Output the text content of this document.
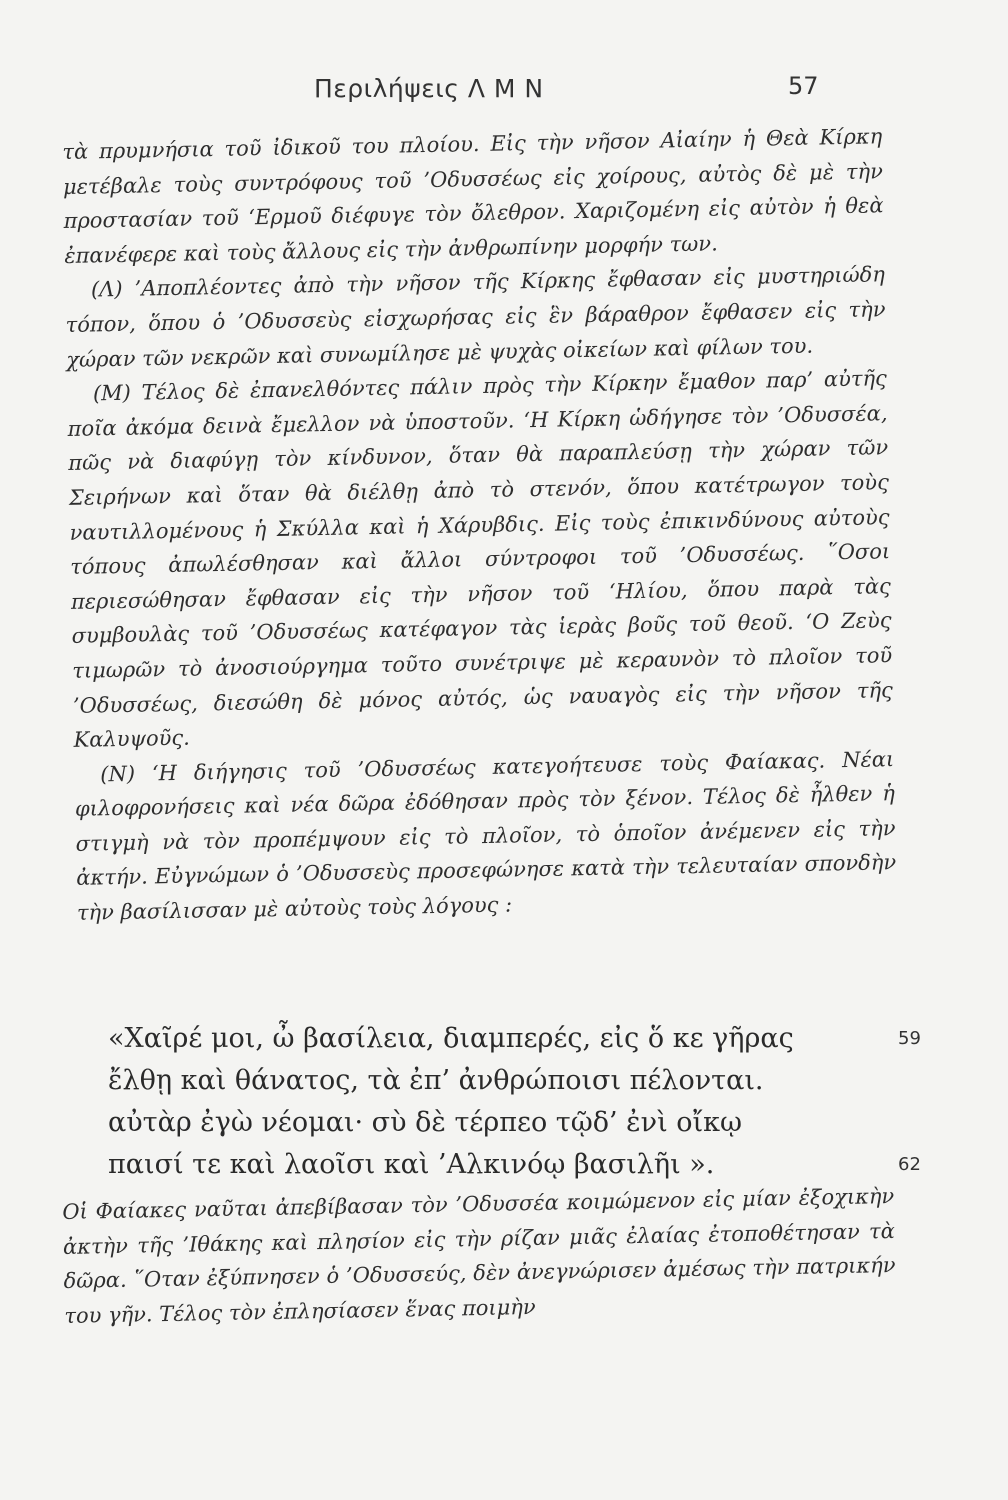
Περιλήψεις Λ Μ Ν	57

τὰ πρυμνήσια τοῦ ἰδικοῦ του πλοίου. Εἰς τὴν νῆσον Αἰαίην ἡ Θεὰ Κίρκη μετέβαλε τοὺς συντρόφους τοῦ ’Οδυσσέως εἰς χοίρους, αὐτὸς δὲ μὲ τὴν προστασίαν τοῦ ‘Ερμοῦ διέφυγε τὸν ὄλεθρον. Χαριζομένη εἰς αὐτὸν ἡ θεὰ ἐπανέφερε καὶ τοὺς ἄλλους εἰς τὴν ἀνθρωπίνην μορφήν των.
(Λ) ’Αποπλέοντες ἀπὸ τὴν νῆσον τῆς Κίρκης ἔφθασαν εἰς μυστηριώδη τόπον, ὅπου ὁ ’Οδυσσεὺς εἰσχωρήσας εἰς ἓν βάραθρον ἔφθασεν εἰς τὴν χώραν τῶν νεκρῶν καὶ συνωμίλησε μὲ ψυχὰς οἰκείων καὶ φίλων του.
(Μ) Τέλος δὲ ἐπανελθόντες πάλιν πρὸς τὴν Κίρκην ἔμαθον παρ’ αὐτῆς ποῖα ἀκόμα δεινὰ ἔμελλον νὰ ὑποστοῦν. ‘Η Κίρκη ὡδήγησε τὸν ’Οδυσσέα, πῶς νὰ διαφύγῃ τὸν κίνδυνον, ὅταν θὰ παραπλεύσῃ τὴν χώραν τῶν Σειρήνων καὶ ὅταν θὰ διέλθῃ ἀπὸ τὸ στενόν, ὅπου κατέτρωγον τοὺς ναυτιλλομένους ἡ Σκύλλα καὶ ἡ Χάρυβδις. Εἰς τοὺς ἐπικινδύνους αὐτοὺς τόπους ἀπωλέσθησαν καὶ ἄλλοι σύντροφοι τοῦ ’Οδυσσέως. ῞Οσοι περιεσώθησαν ἔφθασαν εἰς τὴν νῆσον τοῦ ‘Ηλίου, ὅπου παρὰ τὰς συμβουλὰς τοῦ ’Οδυσσέως κατέφαγον τὰς ἱερὰς βοῦς τοῦ θεοῦ. ‘Ο Ζεὺς τιμωρῶν τὸ ἀνοσιούργημα τοῦτο συνέτριψε μὲ κεραυνὸν τὸ πλοῖον τοῦ ’Οδυσσέως, διεσώθη δὲ μόνος αὐτός, ὡς ναυαγὸς εἰς τὴν νῆσον τῆς Καλυψοῦς.
(Ν) ‘Η διήγησις τοῦ ’Οδυσσέως κατεγοήτευσε τοὺς Φαίακας. Νέαι φιλοφρονήσεις καὶ νέα δῶρα ἐδόθησαν πρὸς τὸν ξένον. Τέλος δὲ ἦλθεν ἡ στιγμὴ νὰ τὸν προπέμψουν εἰς τὸ πλοῖον, τὸ ὁποῖον ἀνέμενεν εἰς τὴν ἀκτήν. Εὐγνώμων ὁ ’Οδυσσεὺς προσεφώνησε κατὰ τὴν τελευταίαν σπονδὴν τὴν βασίλισσαν μὲ αὐτοὺς τοὺς λόγους :

«Χαῖρέ μοι, ὦ βασίλεια, διαμπερές, εἰς ὅ κε γῆρας	59
ἔλθῃ καὶ θάνατος, τὰ ἐπ’ ἀνθρώποισι πέλονται.
αὐτὰρ ἐγὼ νέομαι· σὺ δὲ τέρπεο τῷδ’ ἐνὶ οἴκῳ
παισί τε καὶ λαοῖσι καὶ ’Αλκινόῳ βασιλῆι ».	62

Οἱ Φαίακες ναῦται ἀπεβίβασαν τὸν ’Οδυσσέα κοιμώμενον εἰς μίαν ἐξοχικὴν ἀκτὴν τῆς ’Ιθάκης καὶ πλησίον εἰς τὴν ρίζαν μιᾶς ἐλαίας ἐτοποθέτησαν τὰ δῶρα. ῞Οταν ἐξύπνησεν ὁ ’Οδυσσεύς, δὲν ἀνεγνώρισεν ἀμέσως τὴν πατρικήν του γῆν. Τέλος τὸν ἐπλησίασεν ἕνας ποιμὴν
